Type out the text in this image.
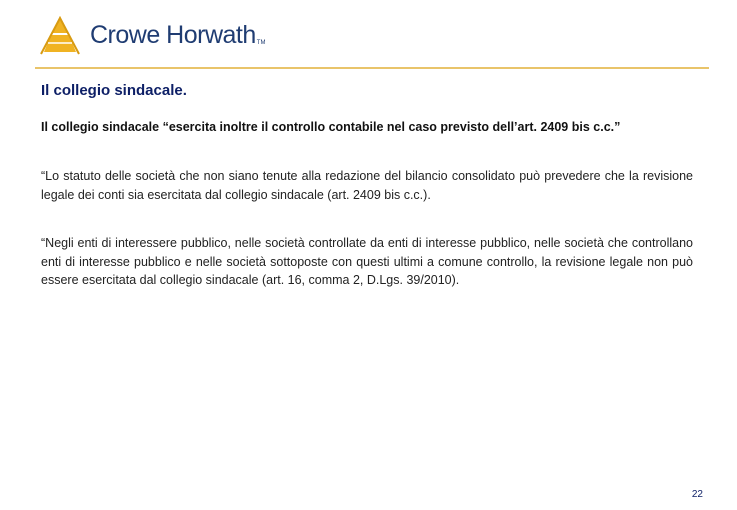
Crowe Horwath TM
Il collegio sindacale.

Il collegio sindacale “esercita inoltre il controllo contabile nel caso previsto dell’art. 2409 bis c.c.”

“Lo statuto delle società che non siano tenute alla redazione del bilancio consolidato può prevedere che la revisione legale dei conti sia esercitata dal collegio sindacale (art. 2409 bis c.c.).

“Negli enti di interessere pubblico, nelle società controllate da enti di interesse pubblico, nelle società che controllano enti di interesse pubblico e nelle società sottoposte con questi ultimi a comune controllo, la revisione legale non può essere esercitata dal collegio sindacale (art. 16, comma 2, D.Lgs. 39/2010).

22
